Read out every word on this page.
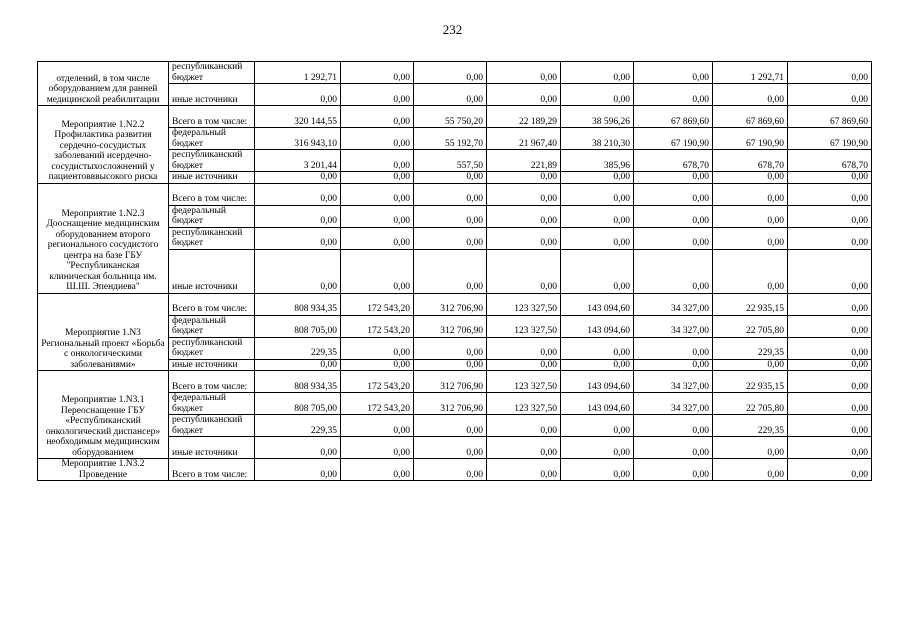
232
отделений, в том числе оборудованием для ранней медицинской реабилитации	республиканский бюджет	1 292,71	0,00	0,00	0,00	0,00	0,00	1 292,71	0,00
	иные источники	0,00	0,00	0,00	0,00	0,00	0,00	0,00	0,00
Мероприятие 1.N2.2 Профилактика развития сердечно-сосудистых заболеваний исердечно-сосудистыхосложнений у пациентовввысокого риска	Всего в том числе:	320 144,55	0,00	55 750,20	22 189,29	38 596,26	67 869,60	67 869,60	67 869,60
	федеральный бюджет	316 943,10	0,00	55 192,70	21 967,40	38 210,30	67 190,90	67 190,90	67 190,90
	республиканский бюджет	3 201,44	0,00	557,50	221,89	385,96	678,70	678,70	678,70
	иные источники	0,00	0,00	0,00	0,00	0,00	0,00	0,00	0,00
Мероприятие 1.N2.3 Дооснащение медицинским оборудованием второго регионального сосудистого центра на базе ГБУ "Республиканская клиническая больница им. Ш.Ш. Эпендиева"	Всего в том числе:	0,00	0,00	0,00	0,00	0,00	0,00	0,00	0,00
	федеральный бюджет	0,00	0,00	0,00	0,00	0,00	0,00	0,00	0,00
	республиканский бюджет	0,00	0,00	0,00	0,00	0,00	0,00	0,00	0,00
	иные источники	0,00	0,00	0,00	0,00	0,00	0,00	0,00	0,00
Мероприятие 1.N3 Региональный проект «Борьба с онкологическими заболеваниями»	Всего в том числе:	808 934,35	172 543,20	312 706,90	123 327,50	143 094,60	34 327,00	22 935,15	0,00
	федеральный бюджет	808 705,00	172 543,20	312 706,90	123 327,50	143 094,60	34 327,00	22 705,80	0,00
	республиканский бюджет	229,35	0,00	0,00	0,00	0,00	0,00	229,35	0,00
	иные источники	0,00	0,00	0,00	0,00	0,00	0,00	0,00	0,00
Мероприятие 1.N3.1 Переоснащение ГБУ «Республиканский онкологический диспансер» необходимым медицинским оборудованием	Всего в том числе:	808 934,35	172 543,20	312 706,90	123 327,50	143 094,60	34 327,00	22 935,15	0,00
	федеральный бюджет	808 705,00	172 543,20	312 706,90	123 327,50	143 094,60	34 327,00	22 705,80	0,00
	республиканский бюджет	229,35	0,00	0,00	0,00	0,00	0,00	229,35	0,00
	иные источники	0,00	0,00	0,00	0,00	0,00	0,00	0,00	0,00
Мероприятие 1.N3.2 Проведение	Всего в том числе:	0,00	0,00	0,00	0,00	0,00	0,00	0,00	0,00
